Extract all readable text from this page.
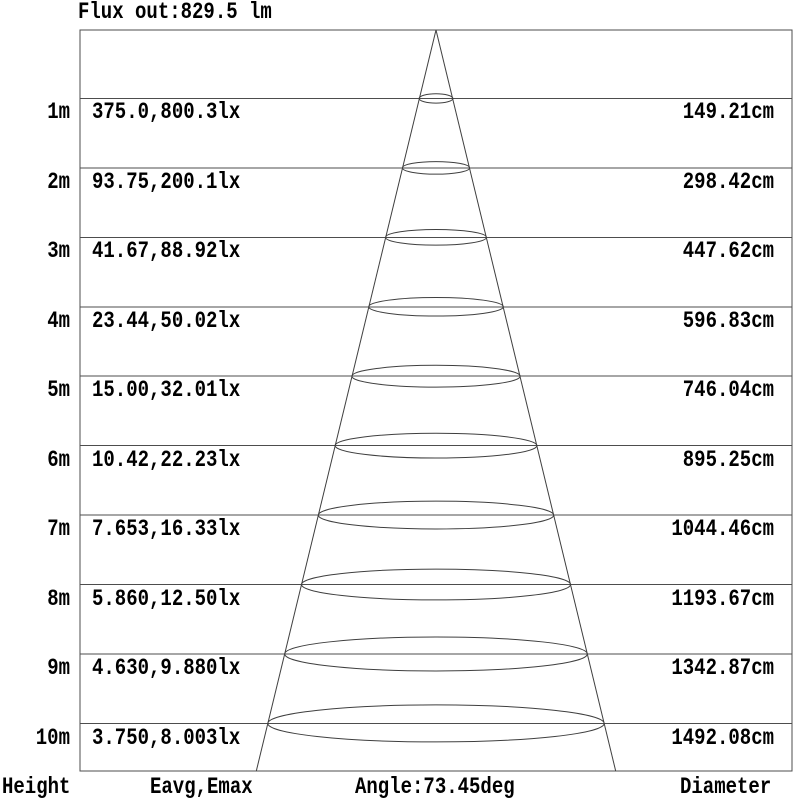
Flux out:829.5 lm
1m 375.0,800.3lx	149.21cm
2m 93.75,200.1lx	298.42cm
3m 41.67,88.92lx	447.62cm
4m 23.44,50.02lx	596.83cm
5m 15.00,32.01lx	746.04cm
6m 10.42,22.23lx	895.25cm
7m 7.653,16.33lx	1044.46cm
8m 5.860,12.50lx	1193.67cm
9m 4.630,9.880lx	1342.87cm
10m 3.750,8.003lx	1492.08cm
Height	Eavg,Emax	Angle:73.45deg	Diameter
